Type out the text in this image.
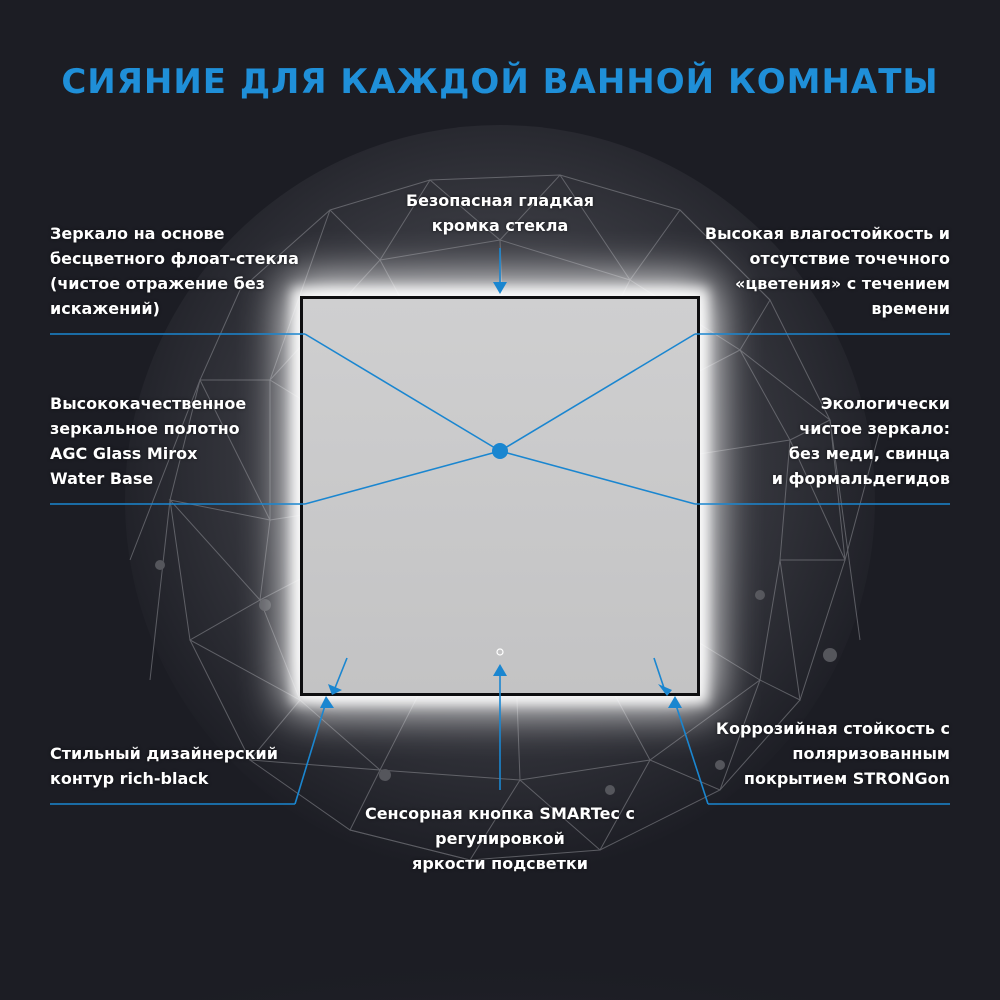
СИЯНИЕ ДЛЯ КАЖДОЙ ВАННОЙ КОМНАТЫ
Безопасная гладкая
кромка стекла
Зеркало на основе
бесцветного флоат-стекла
(чистое отражение без
искажений)
Высокая влагостойкость и
отсутствие точечного
«цветения» с течением
времени
Высококачественное
зеркальное полотно
AGC Glass Mirox
Water Base
Экологически
чистое зеркало:
без меди, свинца
и формальдегидов
Стильный дизайнерский
контур rich-black
Коррозийная стойкость с
поляризованным
покрытием STRONGon
Сенсорная кнопка SMARTec с
регулировкой
яркости подсветки
